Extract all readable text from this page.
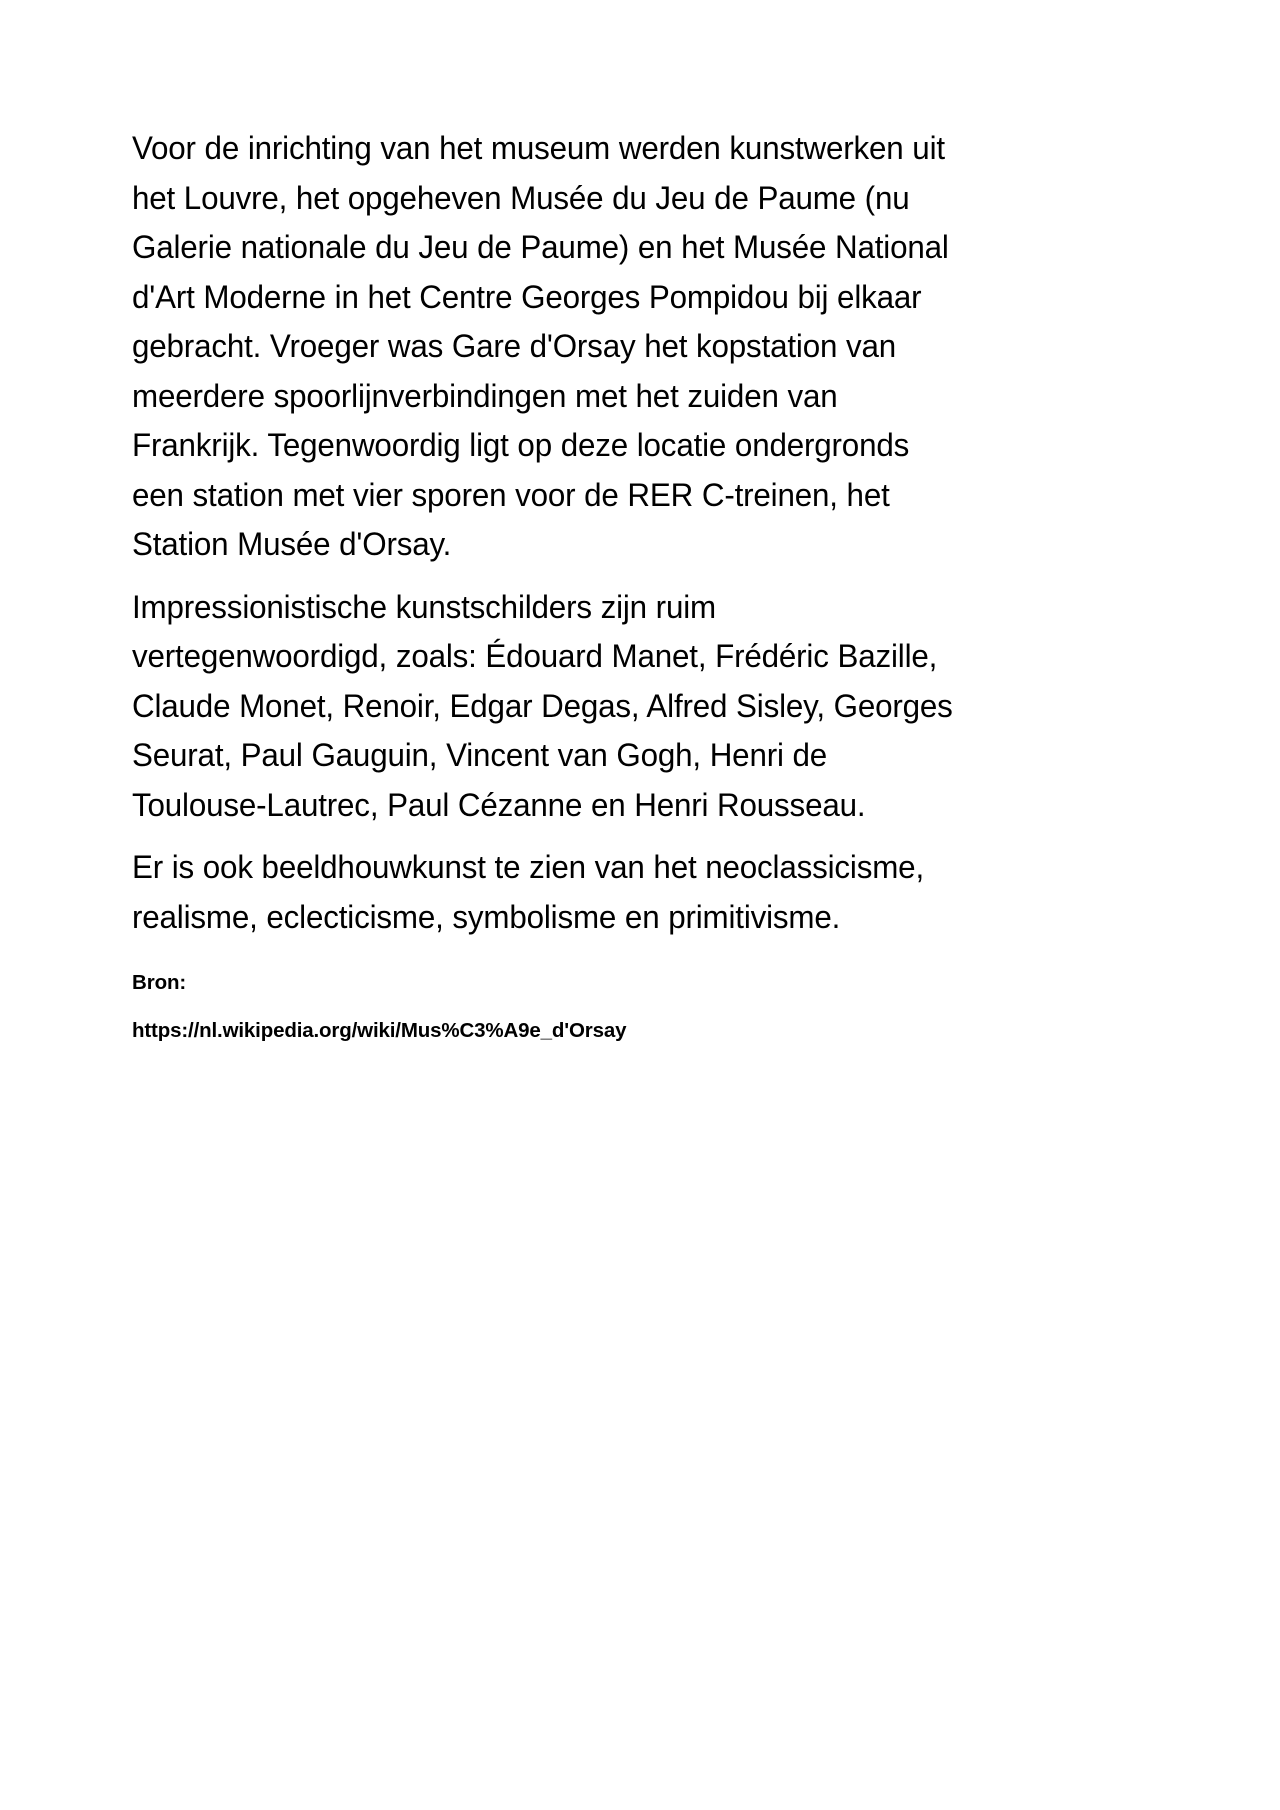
Voor de inrichting van het museum werden kunstwerken uit het Louvre, het opgeheven Musée du Jeu de Paume (nu Galerie nationale du Jeu de Paume) en het Musée National d'Art Moderne in het Centre Georges Pompidou bij elkaar gebracht. Vroeger was Gare d'Orsay het kopstation van meerdere spoorlijnverbindingen met het zuiden van Frankrijk. Tegenwoordig ligt op deze locatie ondergronds een station met vier sporen voor de RER C-treinen, het Station Musée d'Orsay.

Impressionistische kunstschilders zijn ruim vertegenwoordigd, zoals: Édouard Manet, Frédéric Bazille, Claude Monet, Renoir, Edgar Degas, Alfred Sisley, Georges Seurat, Paul Gauguin, Vincent van Gogh, Henri de Toulouse-Lautrec, Paul Cézanne en Henri Rousseau.

Er is ook beeldhouwkunst te zien van het neoclassicisme, realisme, eclecticisme, symbolisme en primitivisme.

Bron:

https://nl.wikipedia.org/wiki/Mus%C3%A9e_d'Orsay
